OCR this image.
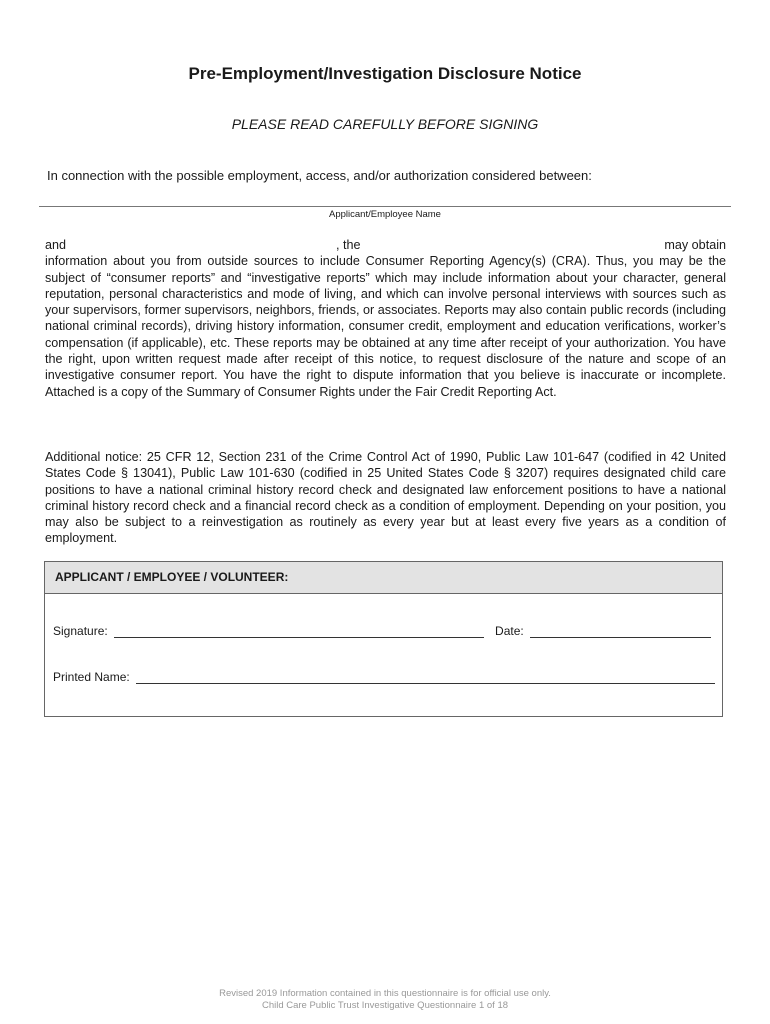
Pre-Employment/Investigation Disclosure Notice
PLEASE READ CAREFULLY BEFORE SIGNING
In connection with the possible employment, access, and/or authorization considered between:
Applicant/Employee Name
and	, the	may obtain
information about you from outside sources to include Consumer Reporting Agency(s) (CRA). Thus, you may be the subject of “consumer reports” and “investigative reports” which may include information about your character, general reputation, personal characteristics and mode of living, and which can involve personal interviews with sources such as your supervisors, former supervisors, neighbors, friends, or associates. Reports may also contain public records (including national criminal records), driving history information, consumer credit, employment and education verifications, worker’s compensation (if applicable), etc. These reports may be obtained at any time after receipt of your authorization. You have the right, upon written request made after receipt of this notice, to request disclosure of the nature and scope of an investigative consumer report. You have the right to dispute information that you believe is inaccurate or incomplete. Attached is a copy of the Summary of Consumer Rights under the Fair Credit Reporting Act.
Additional notice: 25 CFR 12, Section 231 of the Crime Control Act of 1990, Public Law 101-647 (codified in 42 United States Code § 13041), Public Law 101-630 (codified in 25 United States Code § 3207) requires designated child care positions to have a national criminal history record check and designated law enforcement positions to have a national criminal history record check and a financial record check as a condition of employment. Depending on your position, you may also be subject to a reinvestigation as routinely as every year but at least every five years as a condition of employment.
APPLICANT / EMPLOYEE / VOLUNTEER:
Signature:	Date:
Printed Name:
Revised 2019 Information contained in this questionnaire is for official use only.
Child Care Public Trust Investigative Questionnaire 1 of 18
